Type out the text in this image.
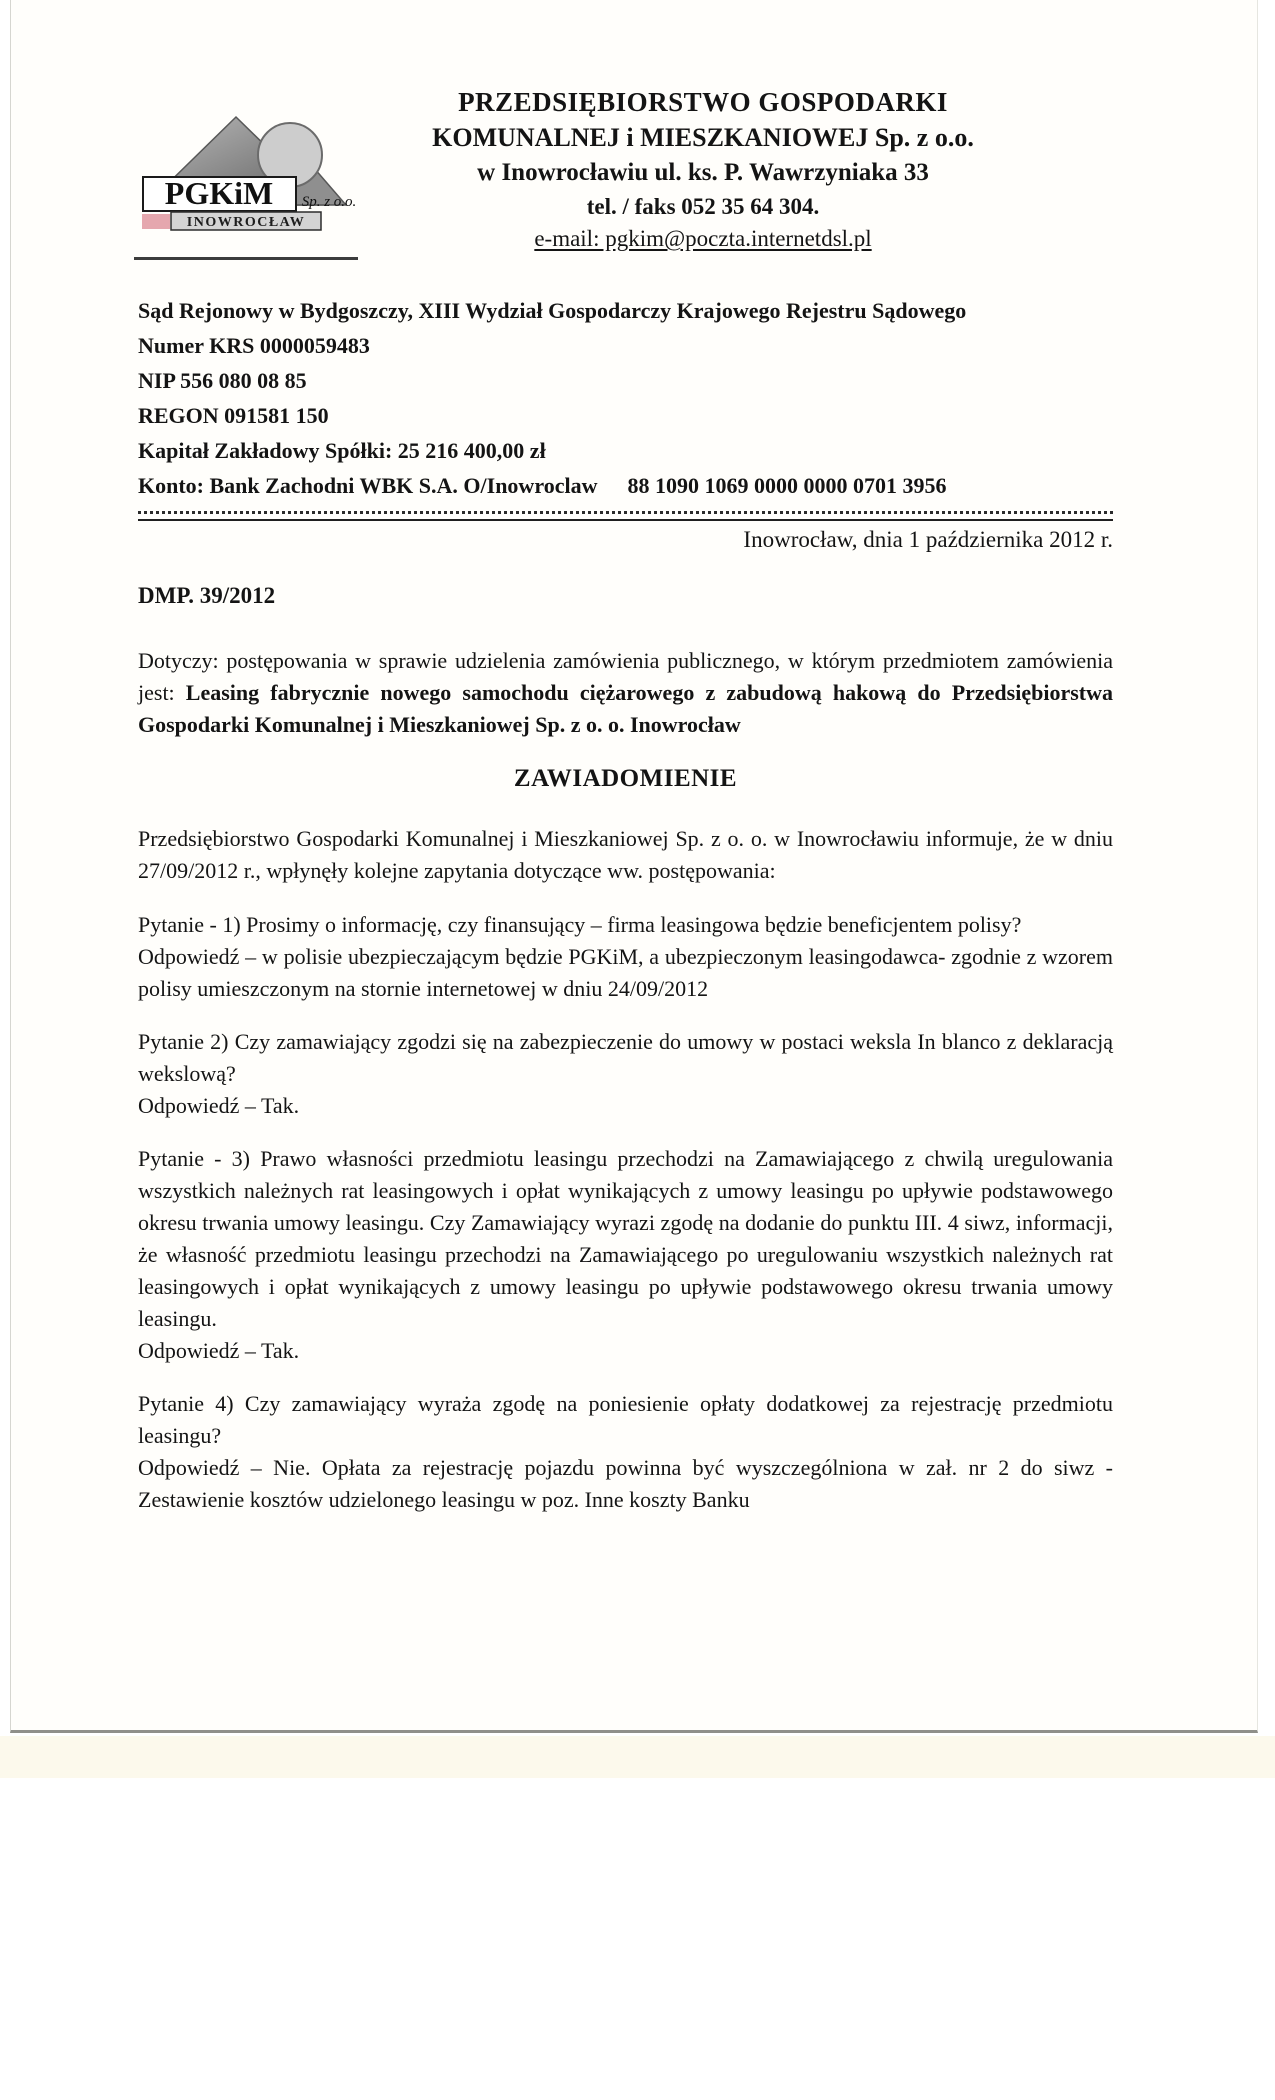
PGKiM Sp. z o.o.
INOWROCŁAW
PRZEDSIĘBIORSTWO GOSPODARKI
KOMUNALNEJ i MIESZKANIOWEJ Sp. z o.o.
w Inowrocławiu ul. ks. P. Wawrzyniaka 33
tel. / faks 052 35 64 304.
e-mail: pgkim@poczta.internetdsl.pl
Sąd Rejonowy w Bydgoszczy, XIII Wydział Gospodarczy Krajowego Rejestru Sądowego
Numer KRS 0000059483
NIP 556 080 08 85
REGON 091581 150
Kapitał Zakładowy Spółki: 25 216 400,00 zł
Konto: Bank Zachodni WBK S.A. O/Inowroclaw 88 1090 1069 0000 0000 0701 3956
Inowrocław, dnia 1 października 2012 r.
DMP. 39/2012

Dotyczy: postępowania w sprawie udzielenia zamówienia publicznego, w którym przedmiotem zamówienia jest: Leasing fabrycznie nowego samochodu ciężarowego z zabudową hakową do Przedsiębiorstwa Gospodarki Komunalnej i Mieszkaniowej Sp. z o. o. Inowrocław

ZAWIADOMIENIE

Przedsiębiorstwo Gospodarki Komunalnej i Mieszkaniowej Sp. z o. o. w Inowrocławiu informuje, że w dniu 27/09/2012 r., wpłynęły kolejne zapytania dotyczące ww. postępowania:

Pytanie - 1) Prosimy o informację, czy finansujący – firma leasingowa będzie beneficjentem polisy?
Odpowiedź – w polisie ubezpieczającym będzie PGKiM, a ubezpieczonym leasingodawca- zgodnie z wzorem polisy umieszczonym na stornie internetowej w dniu 24/09/2012
Pytanie 2) Czy zamawiający zgodzi się na zabezpieczenie do umowy w postaci weksla In blanco z deklaracją wekslową?
Odpowiedź – Tak.
Pytanie - 3) Prawo własności przedmiotu leasingu przechodzi na Zamawiającego z chwilą uregulowania wszystkich należnych rat leasingowych i opłat wynikających z umowy leasingu po upływie podstawowego okresu trwania umowy leasingu. Czy Zamawiający wyrazi zgodę na dodanie do punktu III. 4 siwz, informacji, że własność przedmiotu leasingu przechodzi na Zamawiającego po uregulowaniu wszystkich należnych rat leasingowych i opłat wynikających z umowy leasingu po upływie podstawowego okresu trwania umowy leasingu.
Odpowiedź – Tak.
Pytanie 4) Czy zamawiający wyraża zgodę na poniesienie opłaty dodatkowej za rejestrację przedmiotu leasingu?
Odpowiedź – Nie. Opłata za rejestrację pojazdu powinna być wyszczególniona w zał. nr 2 do siwz - Zestawienie kosztów udzielonego leasingu w poz. Inne koszty Banku
